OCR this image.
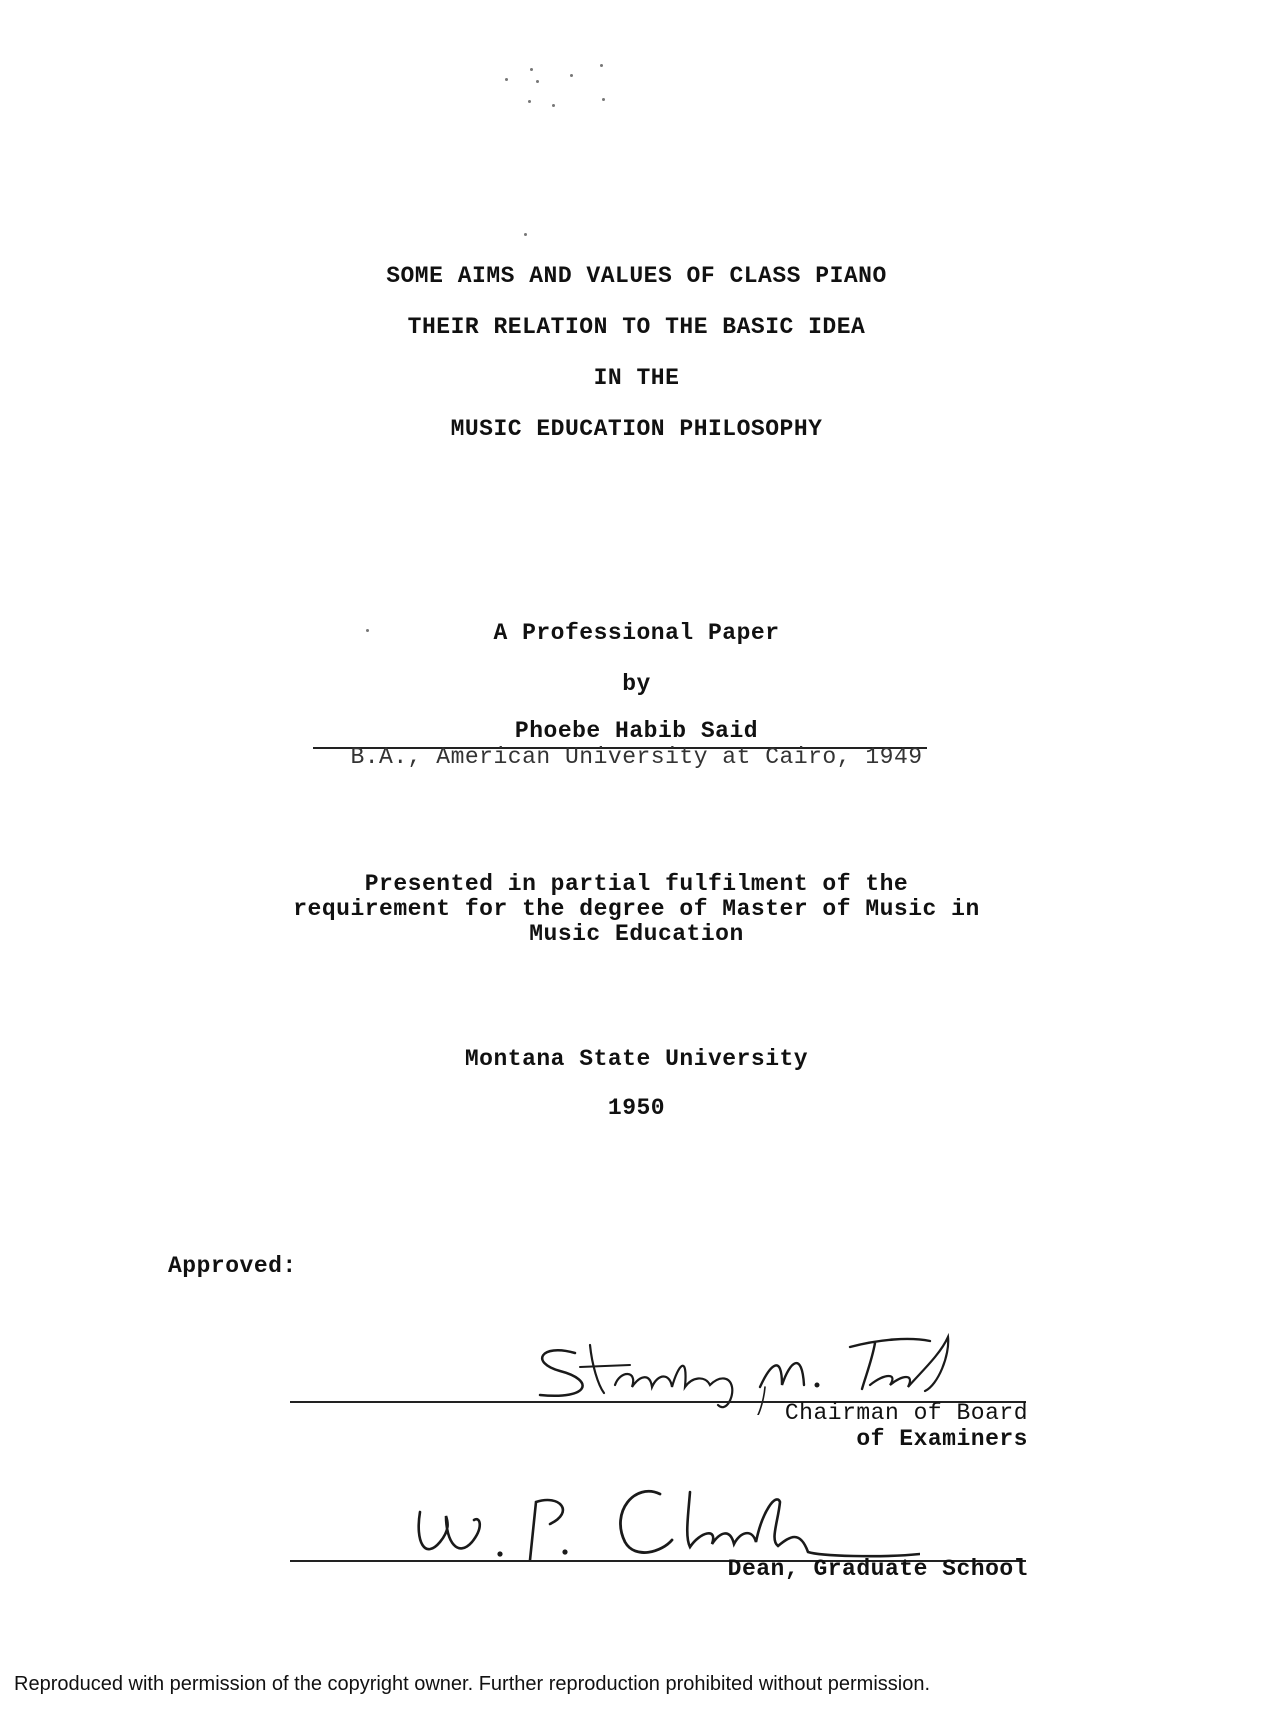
SOME AIMS AND VALUES OF CLASS PIANO
THEIR RELATION TO THE BASIC IDEA
IN THE
MUSIC EDUCATION PHILOSOPHY
A Professional Paper
by
Phoebe Habib Said
B.A., American University at Cairo, 1949
Presented in partial fulfilment of the
requirement for the degree of Master of Music in
Music Education
Montana State University
1950
Approved:
Chairman of Board
of Examiners
Dean, Graduate School
Reproduced with permission of the copyright owner. Further reproduction prohibited without permission.
